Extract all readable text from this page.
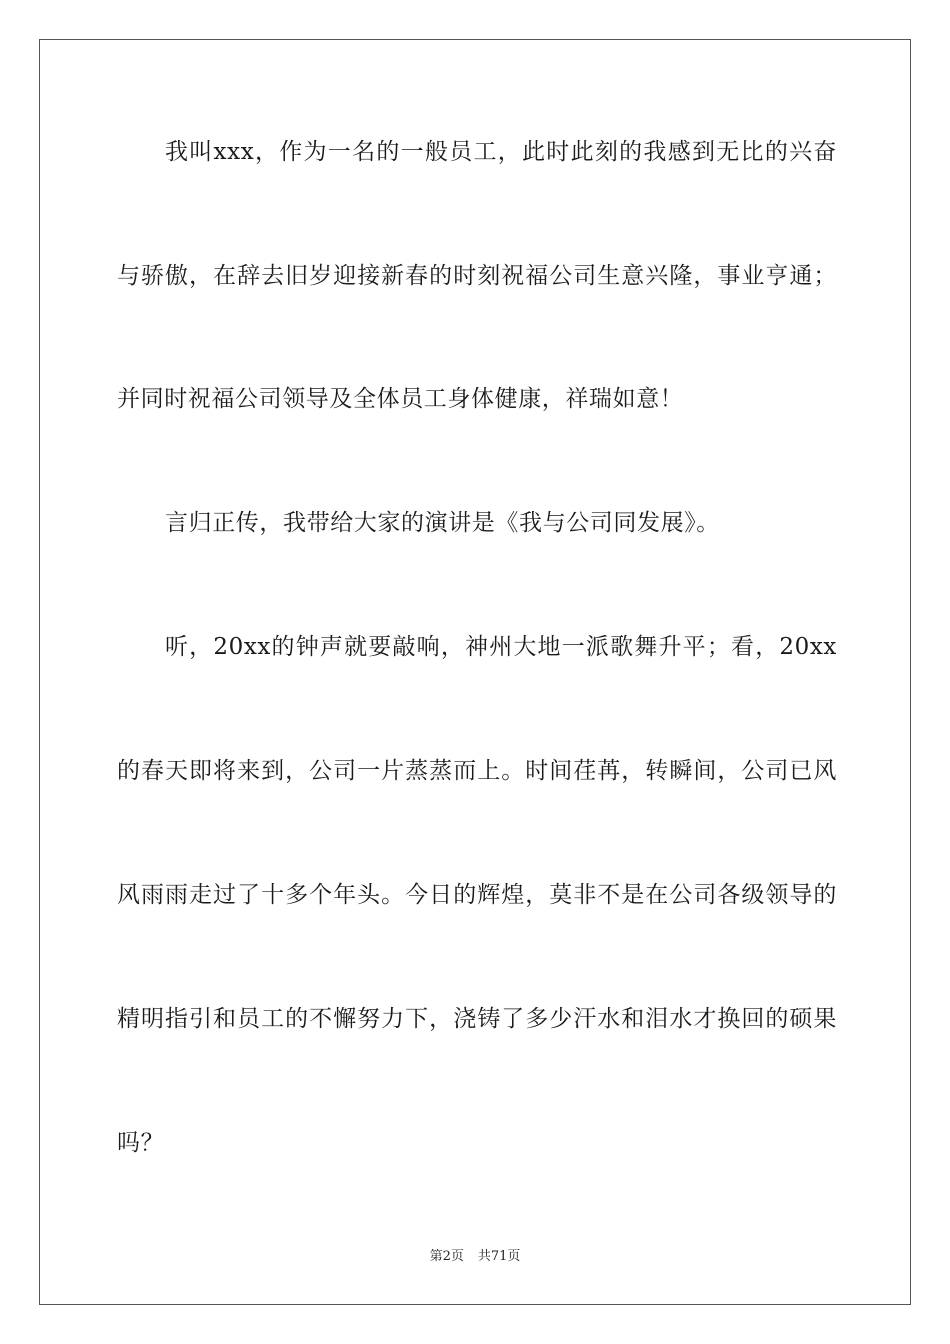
我叫xxx，作为一名的一般员工，此时此刻的我感到无比的兴奋
与骄傲，在辞去旧岁迎接新春的时刻祝福公司生意兴隆，事业亨通；
并同时祝福公司领导及全体员工身体健康，祥瑞如意！
言归正传，我带给大家的演讲是《我与公司同发展》。
听，20xx的钟声就要敲响，神州大地一派歌舞升平；看，20xx
的春天即将来到，公司一片蒸蒸而上。时间荏苒，转瞬间，公司已风
风雨雨走过了十多个年头。今日的辉煌，莫非不是在公司各级领导的
精明指引和员工的不懈努力下，浇铸了多少汗水和泪水才换回的硕果
吗？
第2页 共71页
